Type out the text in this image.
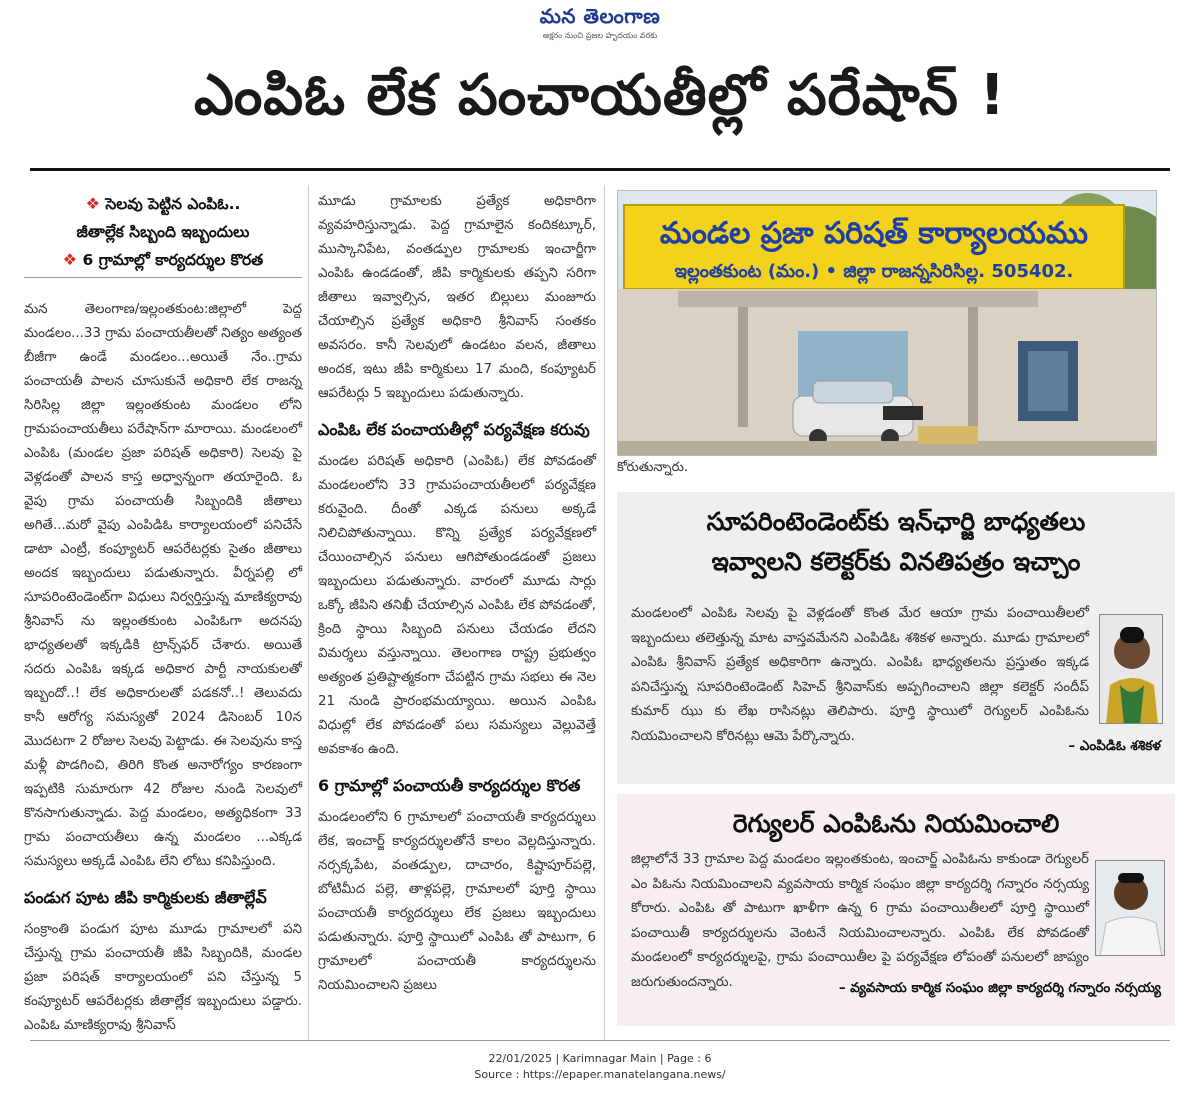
మన తెలంగాణ
అక్షరం నుంచి ప్రజల హృదయం వరకు
ఎంపిఓ లేక పంచాయతీల్లో పరేషాన్ !
❖ సెలవు పెట్టిన ఎంపిఓ..
జీతాల్లేక సిబ్బంది ఇబ్బందులు
❖ 6 గ్రామాల్లో కార్యదర్శుల కొరత

మన తెలంగాణ/ఇల్లంతకుంట:జిల్లాలో పెద్ద మండలం...33 గ్రామ పంచాయతీలతో నిత్యం అత్యంత బీజీగా ఉండే మండలం...అయితే నేం..గ్రామ పంచాయతీ పాలన చూసుకునే అధికారి లేక రాజన్న సిరిసిల్ల జిల్లా ఇల్లంతకుంట మండలం లోని గ్రామపంచాయతీలు పరేషాన్‌గా మారాయి. మండలంలో ఎంపిఓ (మండల ప్రజా పరిషత్ అధికారి) సెలవు పై వెళ్లడంతో పాలన కాస్త అధ్వాన్నంగా తయారైంది. ఓ వైపు గ్రామ పంచాయతీ సిబ్బందికి జీతాలు అగితే...మరో వైపు ఎంపిడిఓ కార్యాలయంలో పనిచేసే డాటా ఎంట్రీ, కంప్యూటర్ ఆపరేటర్లకు సైతం జీతాలు అందక ఇబ్బందులు పడుతున్నారు. వీర్నపల్లి లో సూపరింటెండెంట్‌గా విధులు నిర్వర్తిస్తున్న మాణిక్యరావు శ్రీనివాస్ ను ఇల్లంతకుంట ఎంపిఓగా అదనపు భాధ్యతలతో ఇక్కడికి ట్రాన్స్‌ఫర్ చేశారు. అయితే సదరు ఎంపిఓ ఇక్కడ అధికార పార్టీ నాయకులతో ఇబ్బందో..! లేక అధికారులతో పడకనో..! తెలువదు కానీ ఆరోగ్య సమస్యతో 2024 డిసెంబర్ 10న మొదటగా 2 రోజుల సెలవు పెట్టాడు. ఈ సెలవును కాస్త మళ్లీ పొడగించి, తిరిగి కొంత అనారోగ్యం కారణంగా ఇప్పటికి సుమారుగా 42 రోజుల నుండి సెలవులో కొనసాగుతున్నాడు. పెద్ద మండలం, అత్యధికంగా 33 గ్రామ పంచాయతీలు ఉన్న మండలం ...ఎక్కడ సమస్యలు అక్కడే ఎంపిఓ లేని లోటు కనిపిస్తుంది.

పండుగ పూట జీపి కార్మికులకు జీతాల్లేవ్

సంక్రాంతి పండుగ పూట మూడు గ్రామాలలో పని చేస్తున్న గ్రామ పంచాయతీ జీపి సిబ్బందికి, మండల ప్రజా పరిషత్ కార్యాలయంలో పని చేస్తున్న 5 కంప్యూటర్ ఆపరేటర్లకు జీతాల్లేక ఇబ్బందులు పడ్డారు. ఎంపిఓ మాణిక్యరావు శ్రీనివాస్

మూడు గ్రామాలకు ప్రత్యేక అధికారిగా వ్యవహరిస్తున్నాడు. పెద్ద గ్రామాలైన కందికట్కూర్, ముస్కానిపేట, వంతడ్పుల గ్రామాలకు ఇంచార్జీగా ఎంపిఓ ఉండడంతో, జీపి కార్మికులకు తప్పని సరిగా జీతాలు ఇవ్వాల్సిన, ఇతర బిల్లులు మంజూరు చేయాల్సిన ప్రత్యేక అధికారి శ్రీనివాస్ సంతకం అవసరం. కానీ సెలవులో ఉండటం వలన, జీతాలు అందక, ఇటు జీపి కార్మికులు 17 మంది, కంప్యూటర్ ఆపరేటర్లు 5 ఇబ్బందులు పడుతున్నారు.

ఎంపిఓ లేక పంచాయతీల్లో పర్యవేక్షణ కరువు

మండల పరిషత్ అధికారి (ఎంపిఓ) లేక పోవడంతో మండలంలోని 33 గ్రామపంచాయతీలలో పర్యవేక్షణ కరువైంది. దీంతో ఎక్కడ పనులు అక్కడే నిలిచిపోతున్నాయి. కొన్ని ప్రత్యేక పర్యవేక్షణలో చేయించాల్సిన పనులు ఆగిపోతుండడంతో ప్రజలు ఇబ్బందులు పడుతున్నారు. వారంలో మూడు సార్లు ఒక్కో జీపిని తనిఖీ చేయాల్సిన ఎంపిఓ లేక పోవడంతో, క్రింది స్థాయి సిబ్బంది పనులు చేయడం లేదని విమర్శలు వస్తున్నాయి. తెలంగాణ రాష్ట్ర ప్రభుత్వం అత్యంత ప్రతిష్టాత్మకంగా చేపట్టిన గ్రామ సభలు ఈ నెల 21 నుండి ప్రారంభమయ్యాయి. అయిన ఎంపిఓ విధుల్లో లేక పోవడంతో పలు సమస్యలు వెల్లువెత్తే అవకాశం ఉంది.

6 గ్రామాల్లో పంచాయతీ కార్యదర్శుల కొరత

మండలంలోని 6 గ్రామాలలో పంచాయతీ కార్యదర్శులు లేక, ఇంచార్జ్ కార్యదర్శులతోనే కాలం వెల్లదిస్తున్నారు. నర్సక్కపేట, వంతడ్పుల, దాచారం, కిష్టాపూర్‌పల్లె, బోటిమీద పల్లె, తాళ్లపల్లె, గ్రామాలలో పూర్తి స్థాయి పంచాయతీ కార్యదర్శులు లేక ప్రజలు ఇబ్బందులు పడుతున్నారు. పూర్తి స్థాయిలో ఎంపిఓ తో పాటుగా, 6 గ్రామాలలో పంచాయతీ కార్యదర్శులను నియమించాలని ప్రజలు

మండల ప్రజా పరిషత్ కార్యాలయము
ఇల్లంతకుంట (మం.) • జిల్లా రాజన్నసిరిసిల్ల. 505402.
కోరుతున్నారు.
సూపరింటెండెంట్‌కు ఇన్‌ఛార్జి బాధ్యతలు
ఇవ్వాలని కలెక్టర్‌కు వినతిపత్రం ఇచ్చాం
మండలంలో ఎంపిఓ సెలవు పై వెళ్లడంతో కొంత మేర ఆయా గ్రామ పంచాయితీలలో ఇబ్బందులు తలెత్తున్న మాట వాస్తవమేనని ఎంపిడిఓ శశికళ అన్నారు. మూడు గ్రామాలలో ఎంపిఓ శ్రీనివాస్ ప్రత్యేక అధికారిగా ఉన్నారు. ఎంపిఓ భాధ్యతలను ప్రస్తుతం ఇక్కడ పనిచేస్తున్న సూపరింటెండెంట్ సిహెచ్ శ్రీనివాస్‌కు అప్పగించాలని జిల్లా కలెక్టర్ సందీప్ కుమార్ ఝు కు లేఖ రాసినట్లు తెలిపారు. పూర్తి స్థాయిలో రెగ్యులర్ ఎంపిఓను నియమించాలని కోరినట్లు ఆమె పేర్కొన్నారు.
– ఎంపిడిఓ శశికళ
రెగ్యులర్ ఎంపిఓను నియమించాలి
జిల్లాలోనే 33 గ్రామాల పెద్ద మండలం ఇల్లంతకుంట, ఇంచార్జ్ ఎంపిఓను కాకుండా రెగ్యులర్ ఎం పిఓను నియమించాలని వ్యవసాయ కార్మిక సంఘం జిల్లా కార్యదర్శి గన్నారం నర్సయ్య కోరారు. ఎంపిఓ తో పాటుగా ఖాళీగా ఉన్న 6 గ్రామ పంచాయితీలలో పూర్తి స్థాయిలో పంచాయితీ కార్యదర్శులను వెంటనే నియమించాలన్నారు. ఎంపిఓ లేక పోవడంతో మండలంలో కార్యదర్శులపై, గ్రామ పంచాయితీల పై పర్యవేక్షణ లోపంతో పనులలో జాప్యం జరుగుతుందన్నారు.	– వ్యవసాయ కార్మిక సంఘం జిల్లా కార్యదర్శి గన్నారం నర్సయ్య
22/01/2025 | Karimnagar Main | Page : 6
Source : https://epaper.manatelangana.news/
